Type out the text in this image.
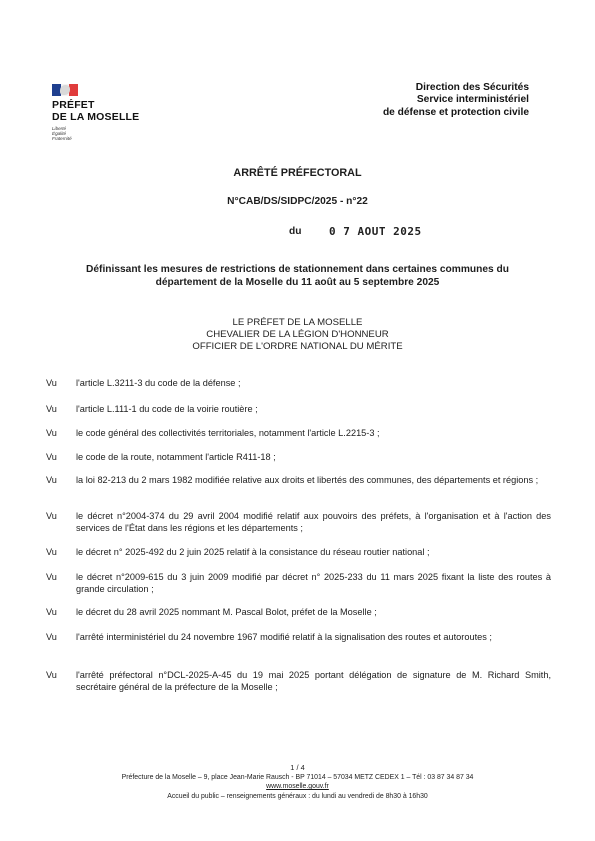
PRÉFET
DE LA MOSELLE
Liberté
Égalité
Fraternité
Direction des Sécurités
Service interministériel
de défense et protection civile
ARRÊTÉ PRÉFECTORAL
N°CAB/DS/SIDPC/2025 - n°22
du	0 7 AOUT 2025
Définissant les mesures de restrictions de stationnement dans certaines communes du
département de la Moselle du 11 août au 5 septembre 2025
LE PRÉFET DE LA MOSELLE
CHEVALIER DE LA LÉGION D'HONNEUR
OFFICIER DE L'ORDRE NATIONAL DU MÉRITE
Vu	l'article L.3211-3 du code de la défense ;
Vu	l'article L.111-1 du code de la voirie routière ;
Vu	le code général des collectivités territoriales, notamment l'article L.2215-3 ;
Vu	le code de la route, notamment l'article R411-18 ;
Vu	la loi 82-213 du 2 mars 1982 modifiée relative aux droits et libertés des communes, des départements et régions ;
Vu	le décret n°2004-374 du 29 avril 2004 modifié relatif aux pouvoirs des préfets, à l'organisation et à l'action des services de l'État dans les régions et les départements ;
Vu	le décret n° 2025-492 du 2 juin 2025 relatif à la consistance du réseau routier national ;
Vu	le décret n°2009-615 du 3 juin 2009 modifié par décret n° 2025-233 du 11 mars 2025 fixant la liste des routes à grande circulation ;
Vu	le décret du 28 avril 2025 nommant M. Pascal Bolot, préfet de la Moselle ;
Vu	l'arrêté interministériel du 24 novembre 1967 modifié relatif à la signalisation des routes et autoroutes ;
Vu	l'arrêté préfectoral n°DCL-2025-A-45 du 19 mai 2025 portant délégation de signature de M. Richard Smith, secrétaire général de la préfecture de la Moselle ;
1 / 4
Préfecture de la Moselle – 9, place Jean-Marie Rausch - BP 71014 – 57034 METZ CEDEX 1 – Tél : 03 87 34 87 34
www.moselle.gouv.fr
Accueil du public – renseignements généraux : du lundi au vendredi de 8h30 à 16h30
